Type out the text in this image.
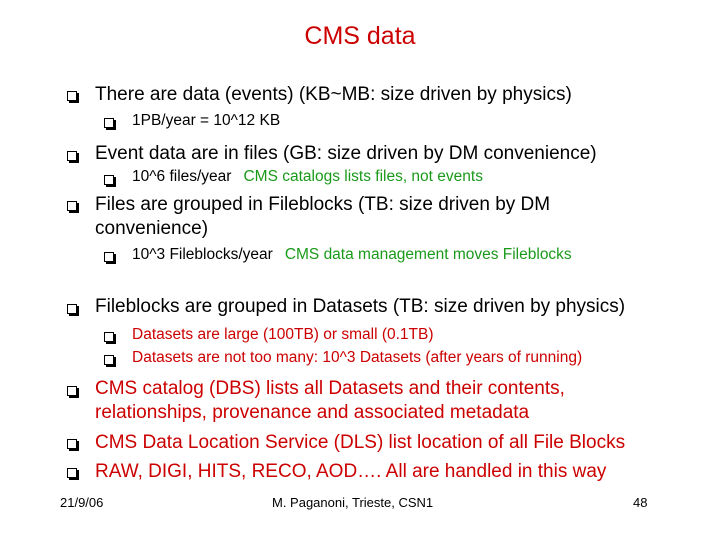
CMS data
There are data (events) (KB~MB: size driven by physics)
1PB/year = 10^12 KB
Event data are in files (GB: size driven by DM convenience)
10^6 files/year CMS catalogs lists files, not events
Files are grouped in Fileblocks (TB: size driven by DM
convenience)
10^3 Fileblocks/year CMS data management moves Fileblocks
Fileblocks are grouped in Datasets (TB: size driven by physics)
Datasets are large (100TB) or small (0.1TB)
Datasets are not too many: 10^3 Datasets (after years of running)
CMS catalog (DBS) lists all Datasets and their contents,
relationships, provenance and associated metadata
CMS Data Location Service (DLS) list location of all File Blocks
RAW, DIGI, HITS, RECO, AOD…. All are handled in this way
21/9/06	M. Paganoni, Trieste, CSN1	48
